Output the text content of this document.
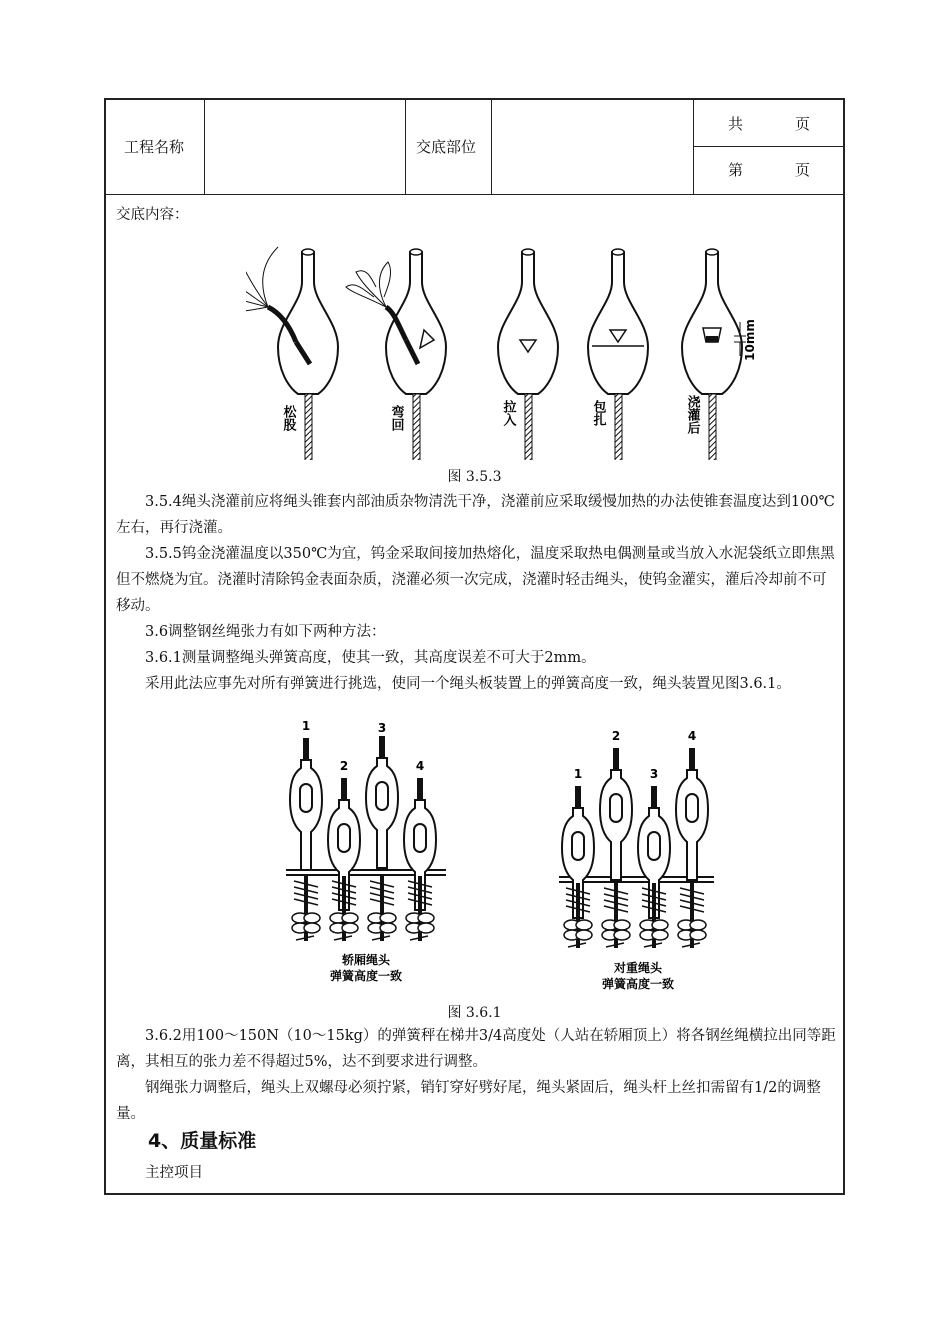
工程名称	交底部位
共	页
第	页
交底内容：
10mm
松股	弯回	拉入	包扎	浇灌后
图 3.5.3
3.5.4绳头浇灌前应将绳头锥套内部油质杂物清洗干净，浇灌前应采取缓慢加热的办法使锥套温度达到100℃左右，再行浇灌。
3.5.5钨金浇灌温度以350℃为宜，钨金采取间接加热熔化，温度采取热电偶测量或当放入水泥袋纸立即焦黑但不燃烧为宜。浇灌时清除钨金表面杂质，浇灌必须一次完成，浇灌时轻击绳头，使钨金灌实，灌后冷却前不可移动。
3.6调整钢丝绳张力有如下两种方法：
3.6.1测量调整绳头弹簧高度，使其一致，其高度误差不可大于2mm。
采用此法应事先对所有弹簧进行挑选，使同一个绳头板装置上的弹簧高度一致，绳头装置见图3.6.1。
1
2
3
4
轿厢绳头
弹簧高度一致
1
2
3
4
对重绳头
弹簧高度一致
图 3.6.1
3.6.2用100～150N（10～15kg）的弹簧秤在梯井3/4高度处（人站在轿厢顶上）将各钢丝绳横拉出同等距离，其相互的张力差不得超过5%，达不到要求进行调整。
钢绳张力调整后，绳头上双螺母必须拧紧，销钉穿好劈好尾，绳头紧固后，绳头杆上丝扣需留有1/2的调整量。
4、质量标准
主控项目
